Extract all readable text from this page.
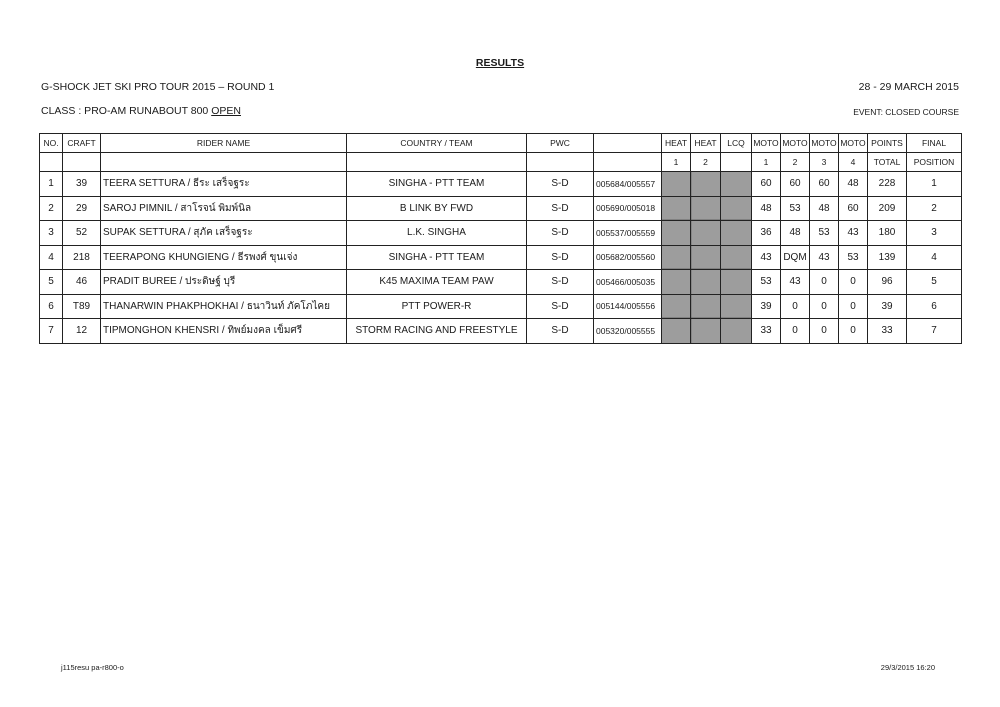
RESULTS
G-SHOCK JET SKI PRO TOUR 2015 – ROUND 1	28 - 29 MARCH 2015
CLASS : PRO-AM RUNABOUT 800 OPEN	EVENT: CLOSED COURSE
NO.	CRAFT	RIDER NAME	COUNTRY / TEAM	PWC		HEAT	HEAT	LCQ	MOTO	MOTO	MOTO	MOTO	POINTS	FINAL
						1	2		1	2	3	4	TOTAL	POSITION
1	39	TEERA SETTURA / ธีระ เสร็จฐระ	SINGHA - PTT TEAM	S-D	005684/005557				60	60	60	48	228	1
2	29	SAROJ PIMNIL / สาโรจน์ พิมพ์นิล	B LINK BY FWD	S-D	005690/005018				48	53	48	60	209	2
3	52	SUPAK SETTURA / สุภัค เสร็จฐระ	L.K. SINGHA	S-D	005537/005559				36	48	53	43	180	3
4	218	TEERAPONG KHUNGIENG / ธีรพงศ์ ขุนเจ่ง	SINGHA - PTT TEAM	S-D	005682/005560				43	DQM	43	53	139	4
5	46	PRADIT BUREE / ประดิษฐ์ บุรี	K45 MAXIMA TEAM PAW	S-D	005466/005035				53	43	0	0	96	5
6	T89	THANARWIN PHAKPHOKHAI / ธนาวินท์ ภัคโภไคย	PTT POWER-R	S-D	005144/005556				39	0	0	0	39	6
7	12	TIPMONGHON KHENSRI / ทิพย์มงคล เข็มศรี	STORM RACING AND FREESTYLE	S-D	005320/005555				33	0	0	0	33	7
j115resu pa-r800-o	29/3/2015 16:20
